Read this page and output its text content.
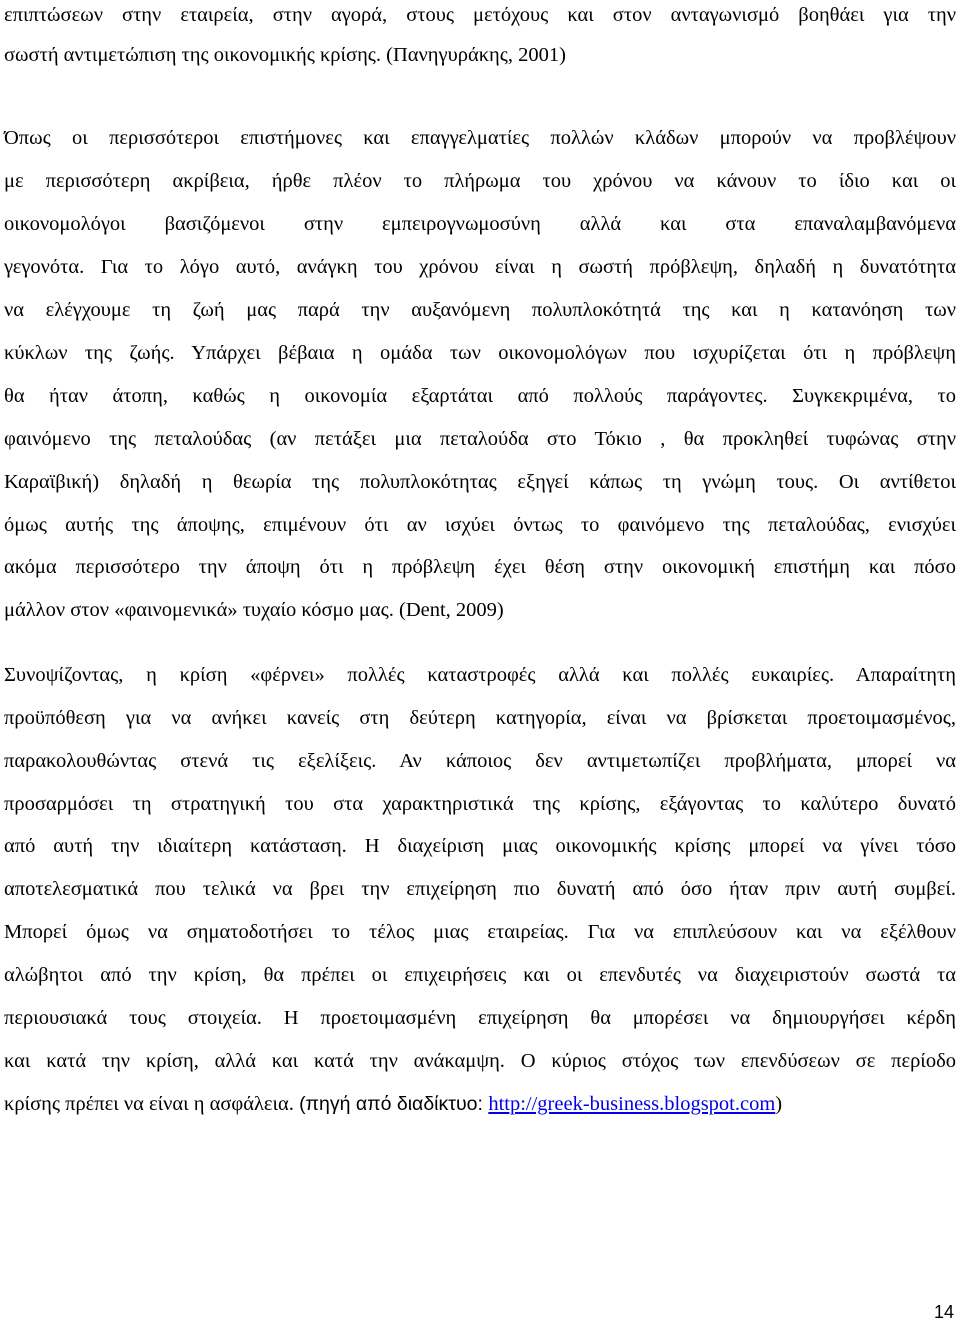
επιπτώσεων στην εταιρεία, στην αγορά, στους μετόχους και στον ανταγωνισμό βοηθάει για την
σωστή αντιμετώπιση της οικονομικής κρίσης. (Πανηγυράκης, 2001)
Όπως οι περισσότεροι επιστήμονες και επαγγελματίες πολλών κλάδων μπορούν να προβλέψουν
με περισσότερη ακρίβεια, ήρθε πλέον το πλήρωμα του χρόνου να κάνουν το ίδιο και οι
οικονομολόγοι βασιζόμενοι στην εμπειρογνωμοσύνη αλλά και στα επαναλαμβανόμενα
γεγονότα. Για το λόγο αυτό, ανάγκη του χρόνου είναι η σωστή πρόβλεψη, δηλαδή η δυνατότητα
να ελέγχουμε τη ζωή μας παρά την αυξανόμενη πολυπλοκότητά της και η κατανόηση των
κύκλων της ζωής. Υπάρχει βέβαια η ομάδα των οικονομολόγων που ισχυρίζεται ότι η πρόβλεψη
θα ήταν άτοπη, καθώς η οικονομία εξαρτάται από πολλούς παράγοντες. Συγκεκριμένα, το
φαινόμενο της πεταλούδας (αν πετάξει μια πεταλούδα στο Τόκιο , θα προκληθεί τυφώνας στην
Καραϊβική) δηλαδή η θεωρία της πολυπλοκότητας εξηγεί κάπως τη γνώμη τους. Οι αντίθετοι
όμως αυτής της άποψης, επιμένουν ότι αν ισχύει όντως το φαινόμενο της πεταλούδας, ενισχύει
ακόμα περισσότερο την άποψη ότι η πρόβλεψη έχει θέση στην οικονομική επιστήμη και πόσο
μάλλον στον «φαινομενικά» τυχαίο κόσμο μας. (Dent, 2009)
Συνοψίζοντας, η κρίση «φέρνει» πολλές καταστροφές αλλά και πολλές ευκαιρίες. Απαραίτητη
προϋπόθεση για να ανήκει κανείς στη δεύτερη κατηγορία, είναι να βρίσκεται προετοιμασμένος,
παρακολουθώντας στενά τις εξελίξεις. Αν κάποιος δεν αντιμετωπίζει προβλήματα, μπορεί να
προσαρμόσει τη στρατηγική του στα χαρακτηριστικά της κρίσης, εξάγοντας το καλύτερο δυνατό
από αυτή την ιδιαίτερη κατάσταση. Η διαχείριση μιας οικονομικής κρίσης μπορεί να γίνει τόσο
αποτελεσματικά που τελικά να βρει την επιχείρηση πιο δυνατή από όσο ήταν πριν αυτή συμβεί.
Μπορεί όμως να σηματοδοτήσει το τέλος μιας εταιρείας. Για να επιπλεύσουν και να εξέλθουν
αλώβητοι από την κρίση, θα πρέπει οι επιχειρήσεις και οι επενδυτές να διαχειριστούν σωστά τα
περιουσιακά τους στοιχεία. Η προετοιμασμένη επιχείρηση θα μπορέσει να δημιουργήσει κέρδη
και κατά την κρίση, αλλά και κατά την ανάκαμψη. Ο κύριος στόχος των επενδύσεων σε περίοδο
κρίσης πρέπει να είναι η ασφάλεια. (πηγή από διαδίκτυο: http://greek-business.blogspot.com)
14
